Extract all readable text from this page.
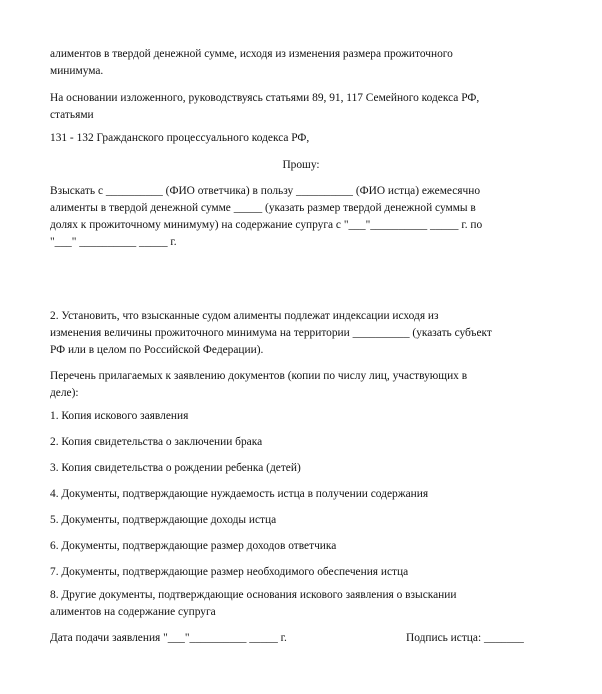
алиментов в твердой денежной сумме, исходя из изменения размера прожиточного

минимума.

На основании изложенного, руководствуясь статьями 89, 91, 117 Семейного кодекса РФ,

статьями

131 - 132 Гражданского процессуального кодекса РФ,

Прошу:

Взыскать с __________ (ФИО ответчика) в пользу __________ (ФИО истца) ежемесячно

алименты в твердой денежной сумме _____ (указать размер твердой денежной суммы в

долях к прожиточному минимуму) на содержание супруга с "___"__________ _____ г. по

"___" __________ _____ г.

2. Установить, что взысканные судом алименты подлежат индексации исходя из

изменения величины прожиточного минимума на территории __________ (указать субъект

РФ или в целом по Российской Федерации).

Перечень прилагаемых к заявлению документов (копии по числу лиц, участвующих в

деле):

1. Копия искового заявления

2. Копия свидетельства о заключении брака

3. Копия свидетельства о рождении ребенка (детей)

4. Документы, подтверждающие нуждаемость истца в получении содержания

5. Документы, подтверждающие доходы истца

6. Документы, подтверждающие размер доходов ответчика

7. Документы, подтверждающие размер необходимого обеспечения истца

8. Другие документы, подтверждающие основания искового заявления о взыскании

алиментов на содержание супруга

Дата подачи заявления "___"__________ _____ г.	Подпись истца: _______
